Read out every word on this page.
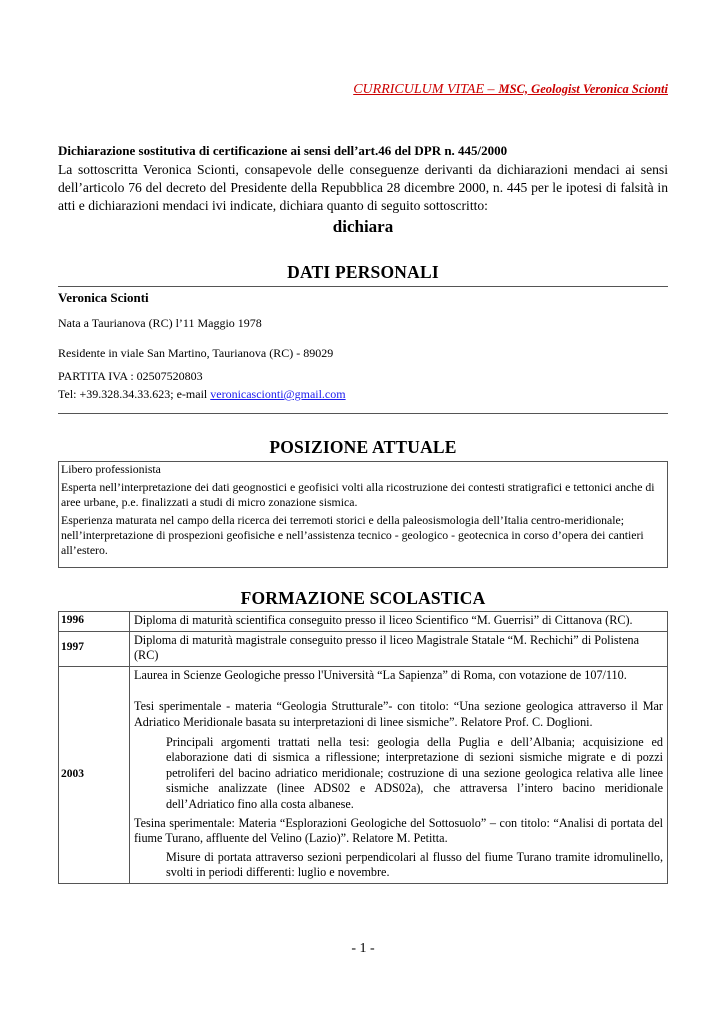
CURRICULUM VITAE – MSC, Geologist Veronica Scionti
Dichiarazione sostitutiva di certificazione ai sensi dell’art.46 del DPR n. 445/2000
La sottoscritta Veronica Scionti, consapevole delle conseguenze derivanti da dichiarazioni mendaci ai sensi dell’articolo 76 del decreto del Presidente della Repubblica 28 dicembre 2000, n. 445 per le ipotesi di falsità in atti e dichiarazioni mendaci ivi indicate, dichiara quanto di seguito sottoscritto:
dichiara
DATI PERSONALI
Veronica Scionti
Nata a Taurianova (RC) l’11 Maggio 1978
Residente in viale San Martino, Taurianova (RC) - 89029
PARTITA IVA : 02507520803
Tel: +39.328.34.33.623; e-mail veronicascionti@gmail.com
POSIZIONE ATTUALE

Libero professionista

Esperta nell’interpretazione dei dati geognostici e geofisici volti alla ricostruzione dei contesti stratigrafici e tettonici anche di aree urbane, p.e. finalizzati a studi di micro zonazione sismica.

Esperienza maturata nel campo della ricerca dei terremoti storici e della paleosismologia dell’Italia centro-meridionale; nell’interpretazione di prospezioni geofisiche e nell’assistenza tecnico - geologico - geotecnica in corso d’opera dei cantieri all’estero.

FORMAZIONE SCOLASTICA
1996	Diploma di maturità scientifica conseguito presso il liceo Scientifico “M. Guerrisi” di Cittanova (RC).
1997	Diploma di maturità magistrale conseguito presso il liceo Magistrale Statale “M. Rechichi” di Polistena (RC)
2003	Laurea in Scienze Geologiche presso l'Università “La Sapienza” di Roma, con votazione de 107/110.

Tesi sperimentale - materia “Geologia Strutturale”- con titolo: “Una sezione geologica attraverso il Mar Adriatico Meridionale basata su interpretazioni di linee sismiche”. Relatore Prof. C. Doglioni.

Principali argomenti trattati nella tesi: geologia della Puglia e dell’Albania; acquisizione ed elaborazione dati di sismica a riflessione; interpretazione di sezioni sismiche migrate e di pozzi petroliferi del bacino adriatico meridionale; costruzione di una sezione geologica relativa alle linee sismiche analizzate (linee ADS02 e ADS02a), che attraversa l’intero bacino meridionale dell’Adriatico fino alla costa albanese.

Tesina sperimentale: Materia “Esplorazioni Geologiche del Sottosuolo” – con titolo: “Analisi di portata del fiume Turano, affluente del Velino (Lazio)”. Relatore M. Petitta.

Misure di portata attraverso sezioni perpendicolari al flusso del fiume Turano tramite idromulinello, svolti in periodi differenti: luglio e novembre.

- 1 -
